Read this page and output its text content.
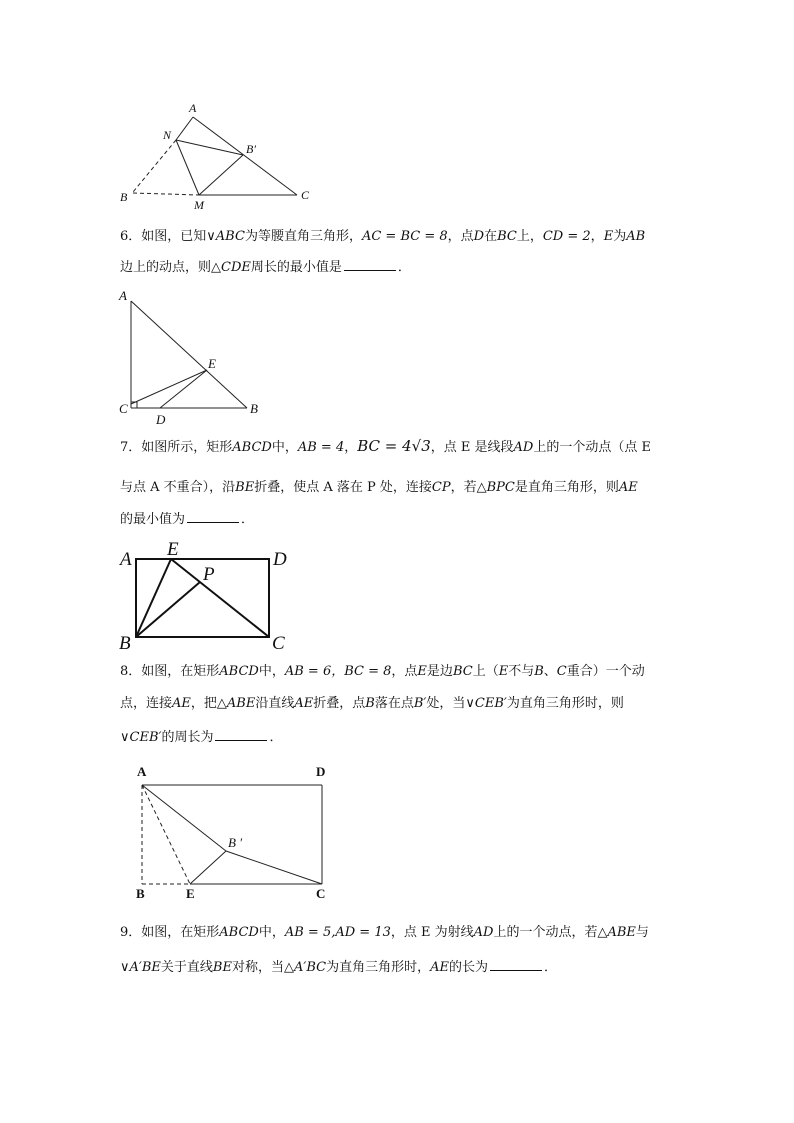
A
N
B′
B
M
C
6．如图，已知∨ABC为等腰直角三角形，AC = BC = 8，点D在BC上，CD = 2，E为AB
边上的动点，则△CDE周长的最小值是	．
A
E
C
D
B
7．如图所示，矩形ABCD中，AB = 4，BC = 4√3，点 E 是线段AD上的一个动点（点 E
与点 A 不重合），沿BE折叠，使点 A 落在 P 处，连接CP，若△BPC是直角三角形，则AE
的最小值为	．
A E	D
P
B	C
8．如图，在矩形ABCD中，AB = 6，BC = 8，点E是边BC上（E不与B、C重合）一个动
点，连接AE，把△ABE沿直线AE折叠，点B落在点B′处，当∨CEB′为直角三角形时，则
∨CEB′的周长为	．
A	D
B ′
B	E	C
9．如图，在矩形ABCD中，AB = 5,AD = 13，点 E 为射线AD上的一个动点，若△ABE与
∨A′BE关于直线BE对称，当△A′BC为直角三角形时，AE的长为	．
